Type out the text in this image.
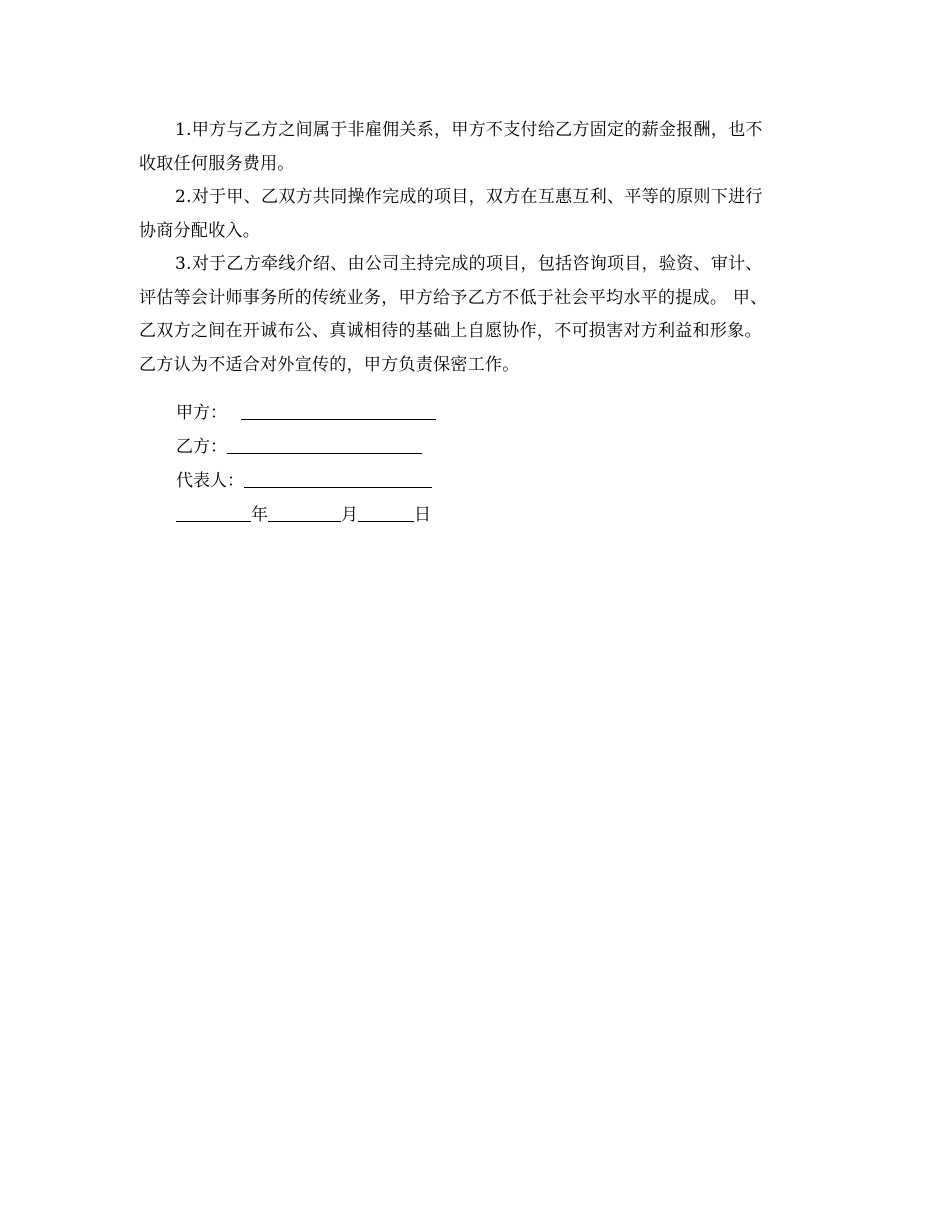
1.甲方与乙方之间属于非雇佣关系，甲方不支付给乙方固定的薪金报酬，也不
收取任何服务费用。

2.对于甲、乙双方共同操作完成的项目，双方在互惠互利、平等的原则下进行
协商分配收入。

3.对于乙方牵线介绍、由公司主持完成的项目，包括咨询项目，验资、审计、
评估等会计师事务所的传统业务，甲方给予乙方不低于社会平均水平的提成。 甲、
乙双方之间在开诚布公、真诚相待的基础上自愿协作，不可损害对方利益和形象。
乙方认为不适合对外宣传的，甲方负责保密工作。

甲方：
乙方：
代表人：
年	月	日
